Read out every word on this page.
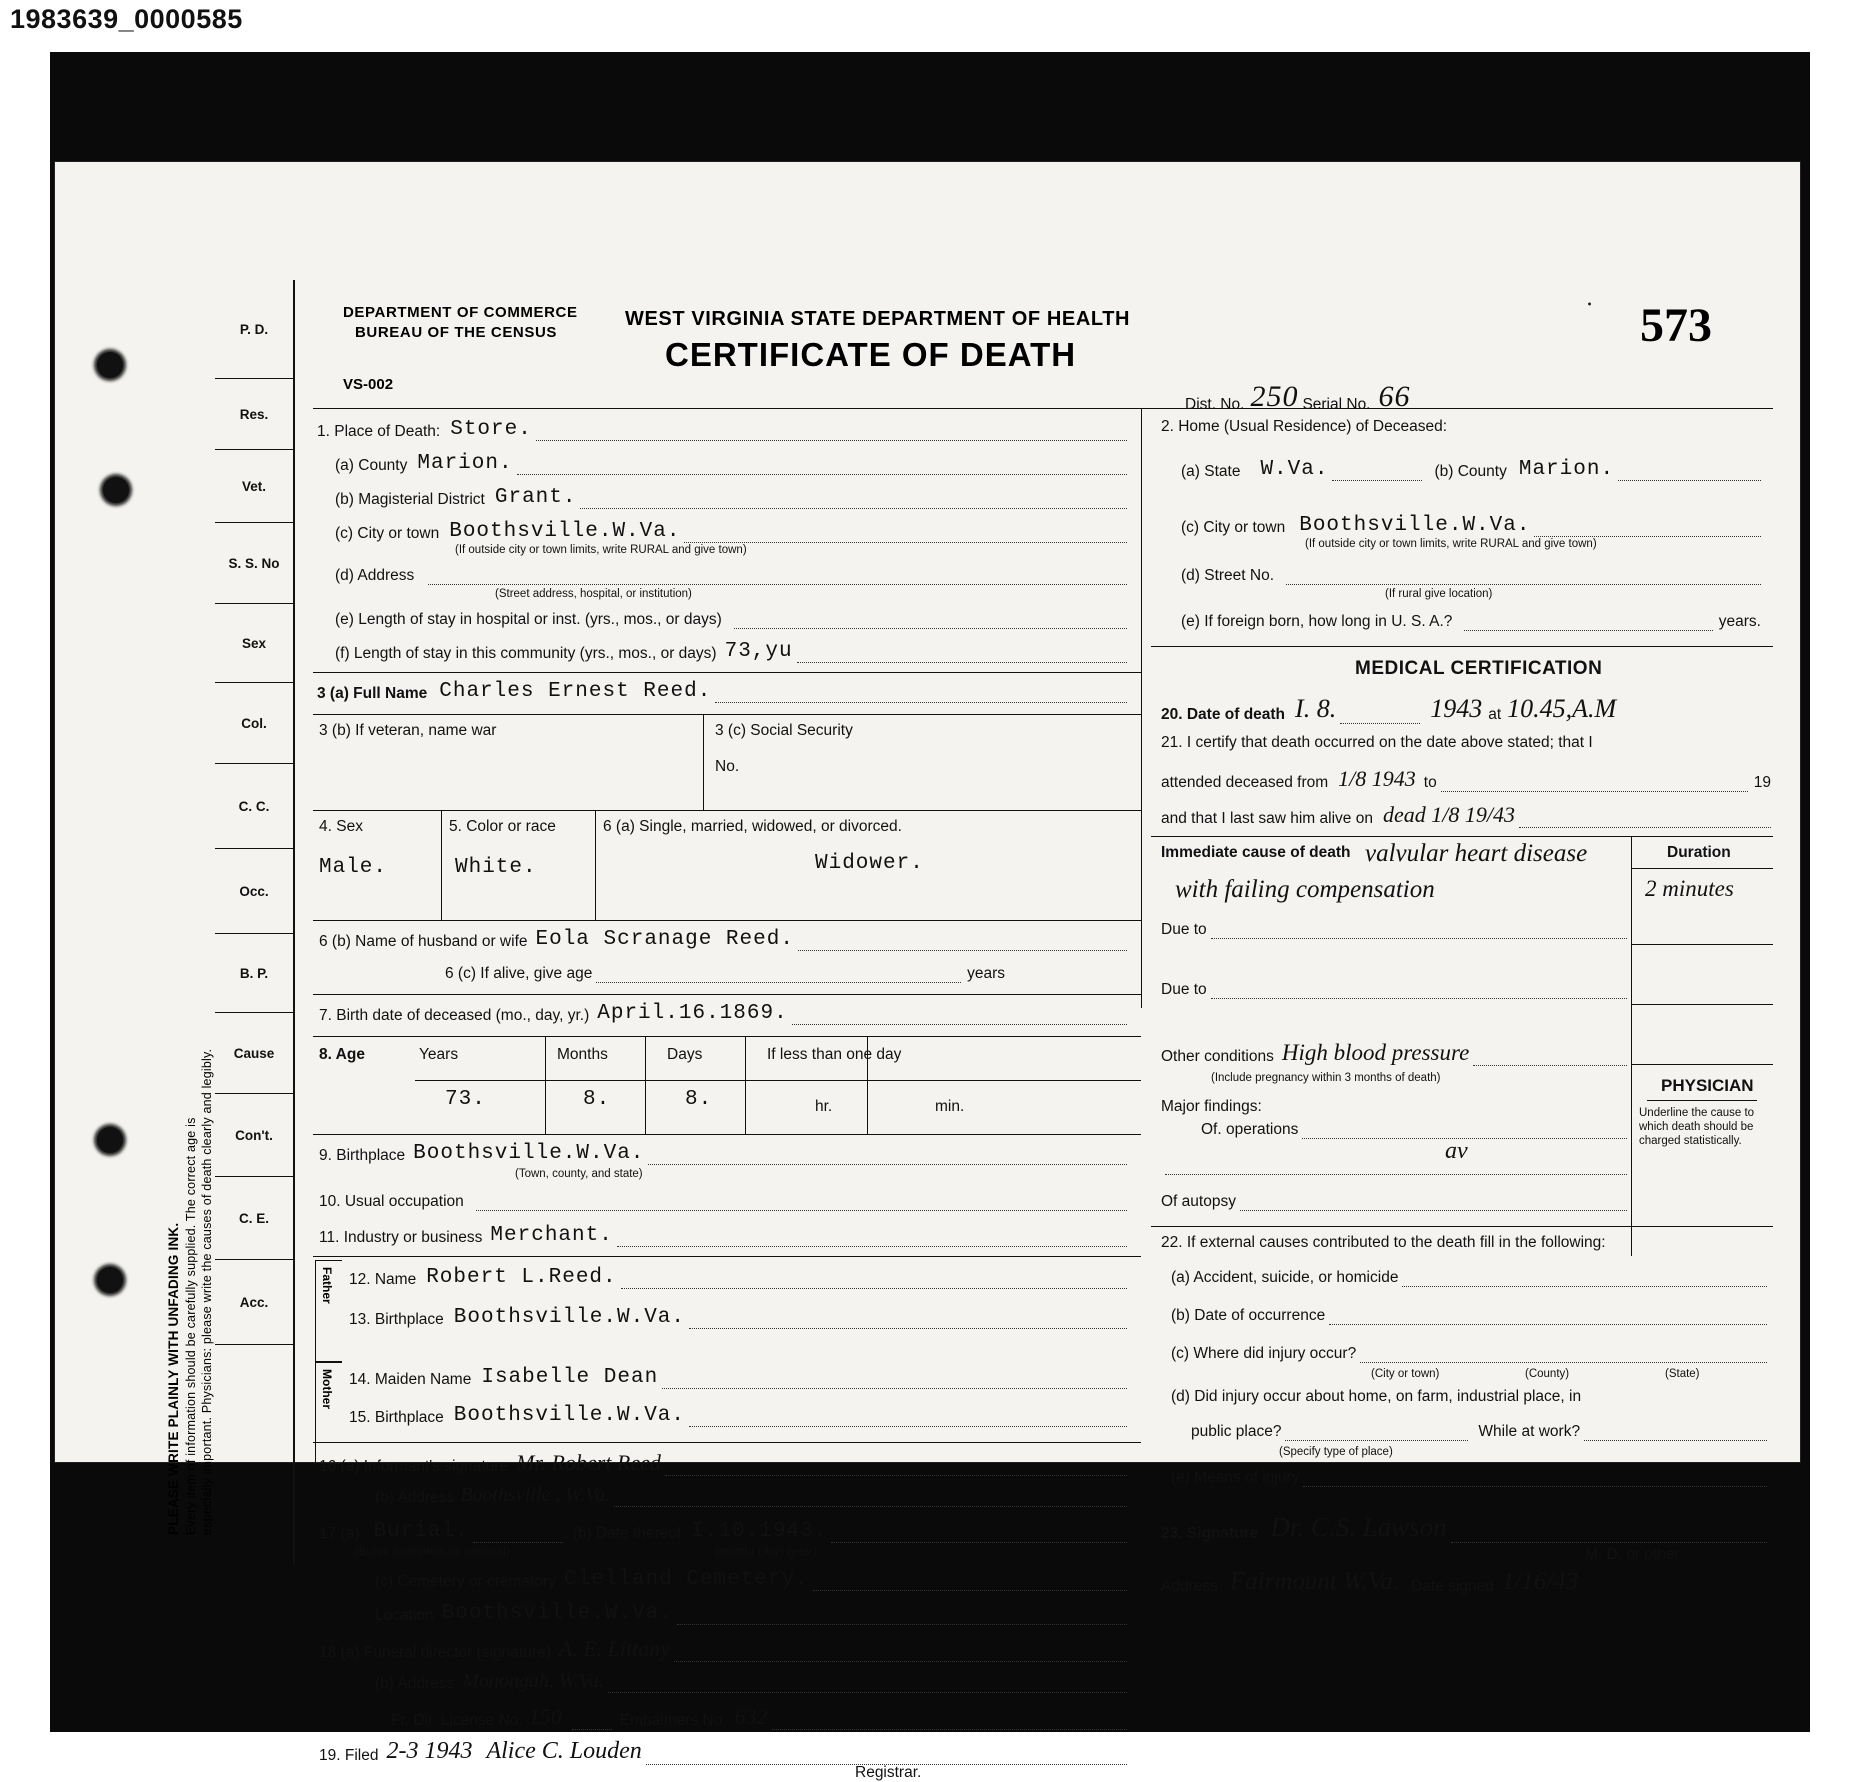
1983639_0000585
PLEASE WRITE PLAINLY WITH UNFADING INK. Every item of information should be carefully supplied. The correct age is especially important. Physicians: please write the causes of death clearly and legibly.
P. D.
Res.
Vet.
S. S. No
Sex
Col.
C. C.
Occ.
B. P.
Cause
Con't.
C. E.
Acc.
DEPARTMENT OF COMMERCE
BUREAU OF THE CENSUS
VS-002
WEST VIRGINIA STATE DEPARTMENT OF HEALTH
CERTIFICATE OF DEATH
573
•
Dist. No. 250 Serial No. 66
1. Place of Death: Store.
(a) County Marion.
(b) Magisterial District Grant.
(c) City or town Boothsville.W.Va.
(If outside city or town limits, write RURAL and give town)
(d) Address
(Street address, hospital, or institution)
(e) Length of stay in hospital or inst. (yrs., mos., or days)
(f) Length of stay in this community (yrs., mos., or days) 73,yu
3 (a) Full Name Charles Ernest Reed.
3 (b) If veteran, name war	3 (c) Social Security
No.
4. Sex
Male.
5. Color or race
White.
6 (a) Single, married, widowed, or divorced.
Widower.
6 (b) Name of husband or wife Eola Scranage Reed.
6 (c) If alive, give age	years
7. Birth date of deceased (mo., day, yr.) April.16.1869.
8. Age	Years	Months	Days	If less than one day
73.	8.	8.	hr.	min.
9. Birthplace Boothsville.W.Va.
(Town, county, and state)
10. Usual occupation
11. Industry or business Merchant.
Father
Mother
12. Name Robert L.Reed.
13. Birthplace Boothsville.W.Va.
14. Maiden Name Isabelle Dean
15. Birthplace Boothsville.W.Va.
16 (a) Informant's signature Mr. Robert Reed
(b) Address Boothsville , W.Va.
17 (a) Burial.	(b) Date thereof I.10.1943.
(Burial, cremation, or removal)	(month) (day) (year)
(c) Cemetery or crematory Clelland Cemetery.
Location Boothsville.W.Va.
18 (a) Funeral director (signature) A. E. Littany
(b) Address Monongah, W.Va.
Fr. Dir. License No. 150	Embalmers No. 632
19. Filed 2-3 1943 Alice C. Louden
Registrar.
2. Home (Usual Residence) of Deceased:
(a) State W.Va.	(b) County Marion.
(c) City or town Boothsville.W.Va.
(If outside city or town limits, write RURAL and give town)
(d) Street No.
(If rural give location)
(e) If foreign born, how long in U. S. A.?	years.
MEDICAL CERTIFICATION
20. Date of death I. 8.	1943 at 10.45,A.M
21. I certify that death occurred on the date above stated; that I
attended deceased from 1/8 1943 to	19
and that I last saw him alive on dead 1/8 19/43
Immediate cause of death	Duration
valvular heart disease
with failing compensation	2 minutes
Due to
Due to
Other conditions High blood pressure
(Include pregnancy within 3 months of death)	PHYSICIAN
Underline the cause to which death should be charged statistically.
Major findings:
Of. operations
av
Of autopsy
22. If external causes contributed to the death fill in the following:
(a) Accident, suicide, or homicide
(b) Date of occurrence
(c) Where did injury occur?
(City or town)	(County)	(State)
(d) Did injury occur about home, on farm, industrial place, in
public place?	While at work?
(Specify type of place)
(e) Means of injury
23. Signature Dr. C.S. Lawson
M. D. or other
Address Fairmount W.Va. Date signed 1/16/43
